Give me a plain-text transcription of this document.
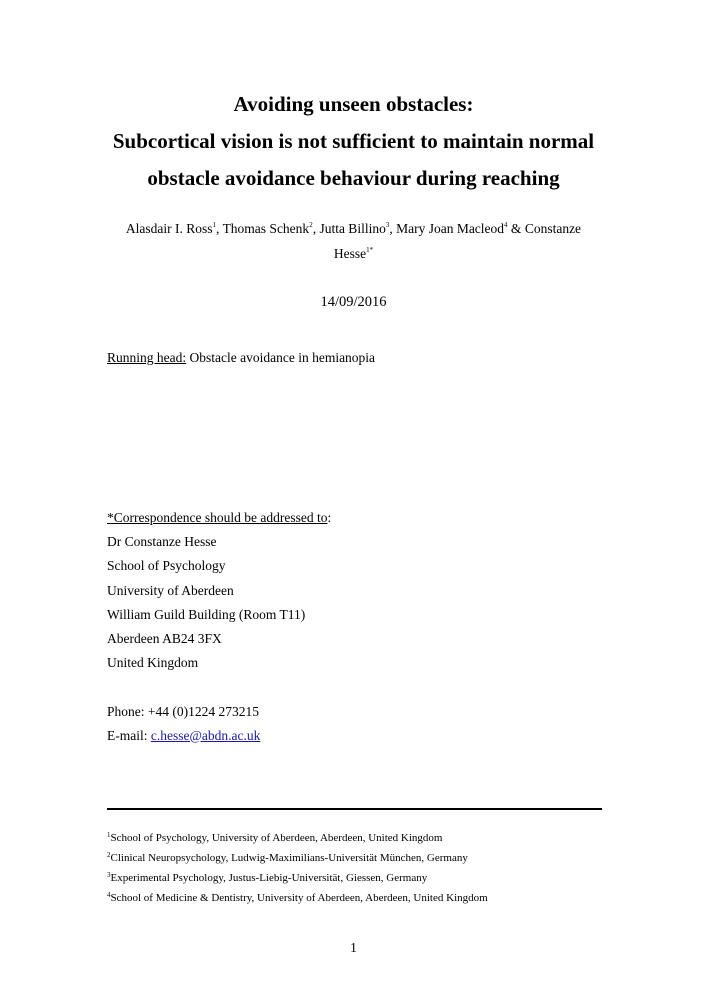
Avoiding unseen obstacles:
Subcortical vision is not sufficient to maintain normal
obstacle avoidance behaviour during reaching
Alasdair I. Ross$^1$, Thomas Schenk$^2$, Jutta Billino$^3$, Mary Joan Macleod$^4$ & Constanze
Hesse$^{1*}$
14/09/2016
Running head: Obstacle avoidance in hemianopia
*Correspondence should be addressed to:
Dr Constanze Hesse
School of Psychology
University of Aberdeen
William Guild Building (Room T11)
Aberdeen AB24 3FX
United Kingdom
Phone: +44 (0)1224 273215
E-mail: c.hesse@abdn.ac.uk
$^1$School of Psychology, University of Aberdeen, Aberdeen, United Kingdom
$^2$Clinical Neuropsychology, Ludwig-Maximilians-Universität München, Germany
$^3$Experimental Psychology, Justus-Liebig-Universität, Giessen, Germany
$^4$School of Medicine & Dentistry, University of Aberdeen, Aberdeen, United Kingdom
1
